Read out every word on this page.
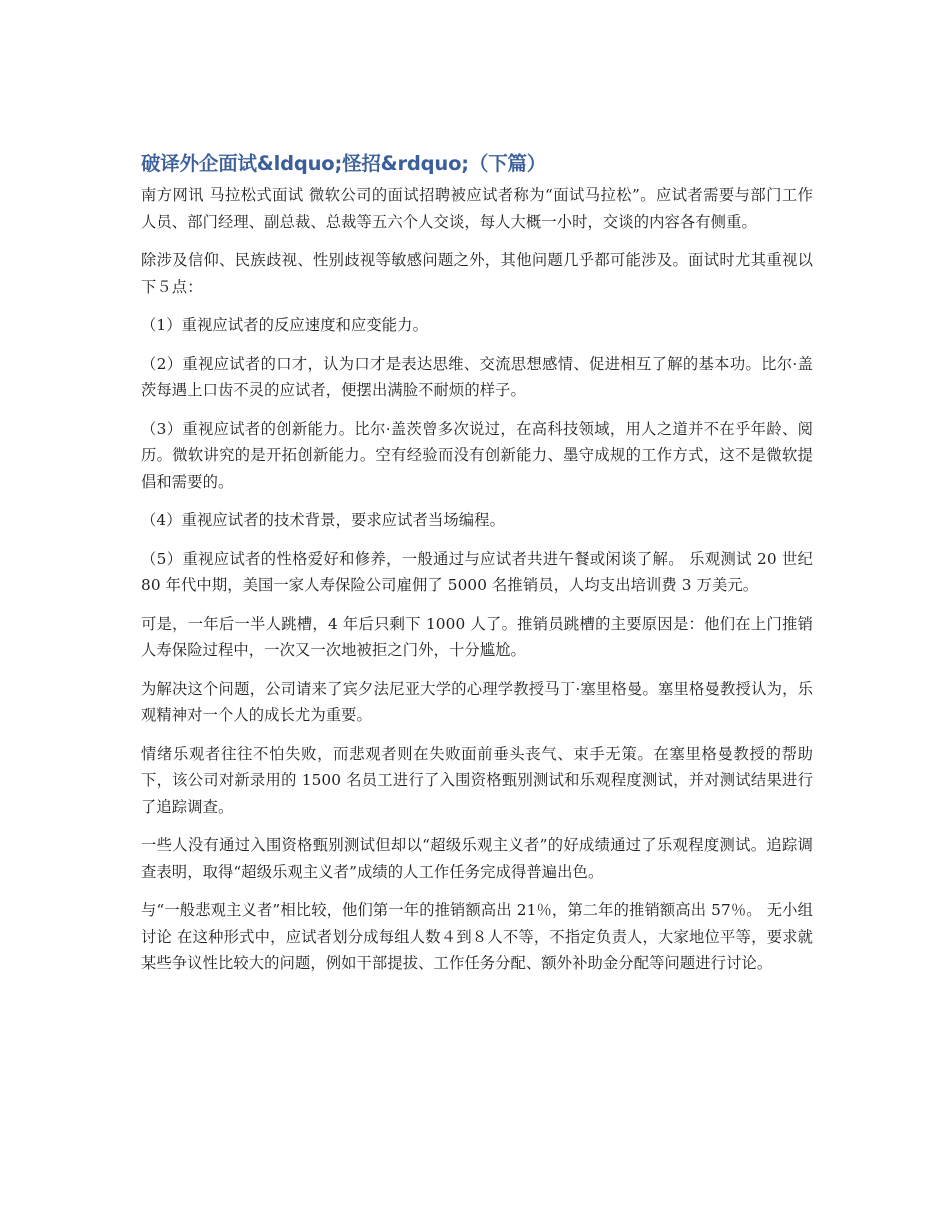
破译外企面试&ldquo;怪招&rdquo;（下篇）

南方网讯 马拉松式面试 微软公司的面试招聘被应试者称为“面试马拉松”。应试者需要与部门工作人员、部门经理、副总裁、总裁等五六个人交谈，每人大概一小时，交谈的内容各有侧重。

除涉及信仰、民族歧视、性别歧视等敏感问题之外，其他问题几乎都可能涉及。面试时尤其重视以下５点：

（1）重视应试者的反应速度和应变能力。

（2）重视应试者的口才，认为口才是表达思维、交流思想感情、促进相互了解的基本功。比尔·盖茨每遇上口齿不灵的应试者，便摆出满脸不耐烦的样子。

（3）重视应试者的创新能力。比尔·盖茨曾多次说过，在高科技领域，用人之道并不在乎年龄、阅历。微软讲究的是开拓创新能力。空有经验而没有创新能力、墨守成规的工作方式，这不是微软提倡和需要的。

（4）重视应试者的技术背景，要求应试者当场编程。

（5）重视应试者的性格爱好和修养，一般通过与应试者共进午餐或闲谈了解。 乐观测试 20 世纪 80 年代中期，美国一家人寿保险公司雇佣了 5000 名推销员，人均支出培训费 3 万美元。

可是，一年后一半人跳槽，4 年后只剩下 1000 人了。推销员跳槽的主要原因是：他们在上门推销人寿保险过程中，一次又一次地被拒之门外，十分尴尬。

为解决这个问题，公司请来了宾夕法尼亚大学的心理学教授马丁·塞里格曼。塞里格曼教授认为，乐观精神对一个人的成长尤为重要。

情绪乐观者往往不怕失败，而悲观者则在失败面前垂头丧气、束手无策。在塞里格曼教授的帮助下，该公司对新录用的 1500 名员工进行了入围资格甄别测试和乐观程度测试，并对测试结果进行了追踪调查。

一些人没有通过入围资格甄别测试但却以“超级乐观主义者”的好成绩通过了乐观程度测试。追踪调查表明，取得“超级乐观主义者”成绩的人工作任务完成得普遍出色。

与“一般悲观主义者”相比较，他们第一年的推销额高出 21％，第二年的推销额高出 57％。 无小组讨论 在这种形式中，应试者划分成每组人数４到８人不等，不指定负责人，大家地位平等，要求就某些争议性比较大的问题，例如干部提拔、工作任务分配、额外补助金分配等问题进行讨论。
